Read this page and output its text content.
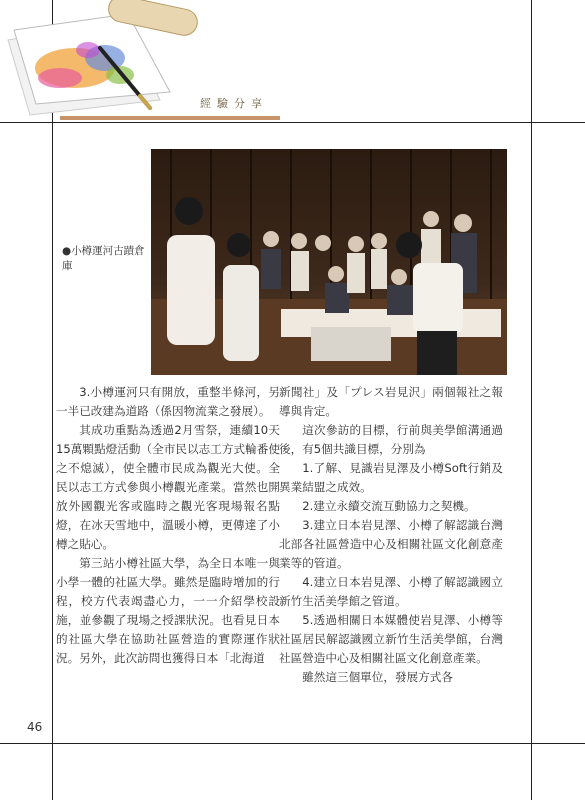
經驗分享
●小樽運河古蹟倉庫

3.小樽運河只有開放，重整半條河，另一半已改建為道路（係因物流業之發展）。

其成功重點為透過2月雪祭，連續10天15萬顆點燈活動（全市民以志工方式輪番使之不熄滅），使全體市民成為觀光大使。全民以志工方式參與小樽觀光產業。當然也開放外國觀光客或臨時之觀光客現場報名點燈，在冰天雪地中，溫暖小樽，更傳達了小樽之貼心。

第三站小樽社區大學，為全日本唯一與小學一體的社區大學。雖然是臨時增加的行程，校方代表竭盡心力，一一介紹學校設施，並參觀了現場之授課狀況。也看見日本的社區大學在協助社區營造的實際運作狀況。另外，此次訪問也獲得日本「北海道

新聞社」及「プレス岩見沢」兩個報社之報導與肯定。

這次參訪的目標，行前與美學館溝通過後，有5個共識目標，分別為

1.了解、見識岩見澤及小樽Soft行銷及異業結盟之成效。

2.建立永續交流互動協力之契機。

3.建立日本岩見澤、小樽了解認識台灣北部各社區營造中心及相關社區文化創意產業等的管道。

4.建立日本岩見澤、小樽了解認識國立新竹生活美學館之管道。

5.透過相關日本媒體使岩見澤、小樽等社區居民解認識國立新竹生活美學館，台灣社區營造中心及相關社區文化創意產業。

雖然這三個單位，發展方式各

46
